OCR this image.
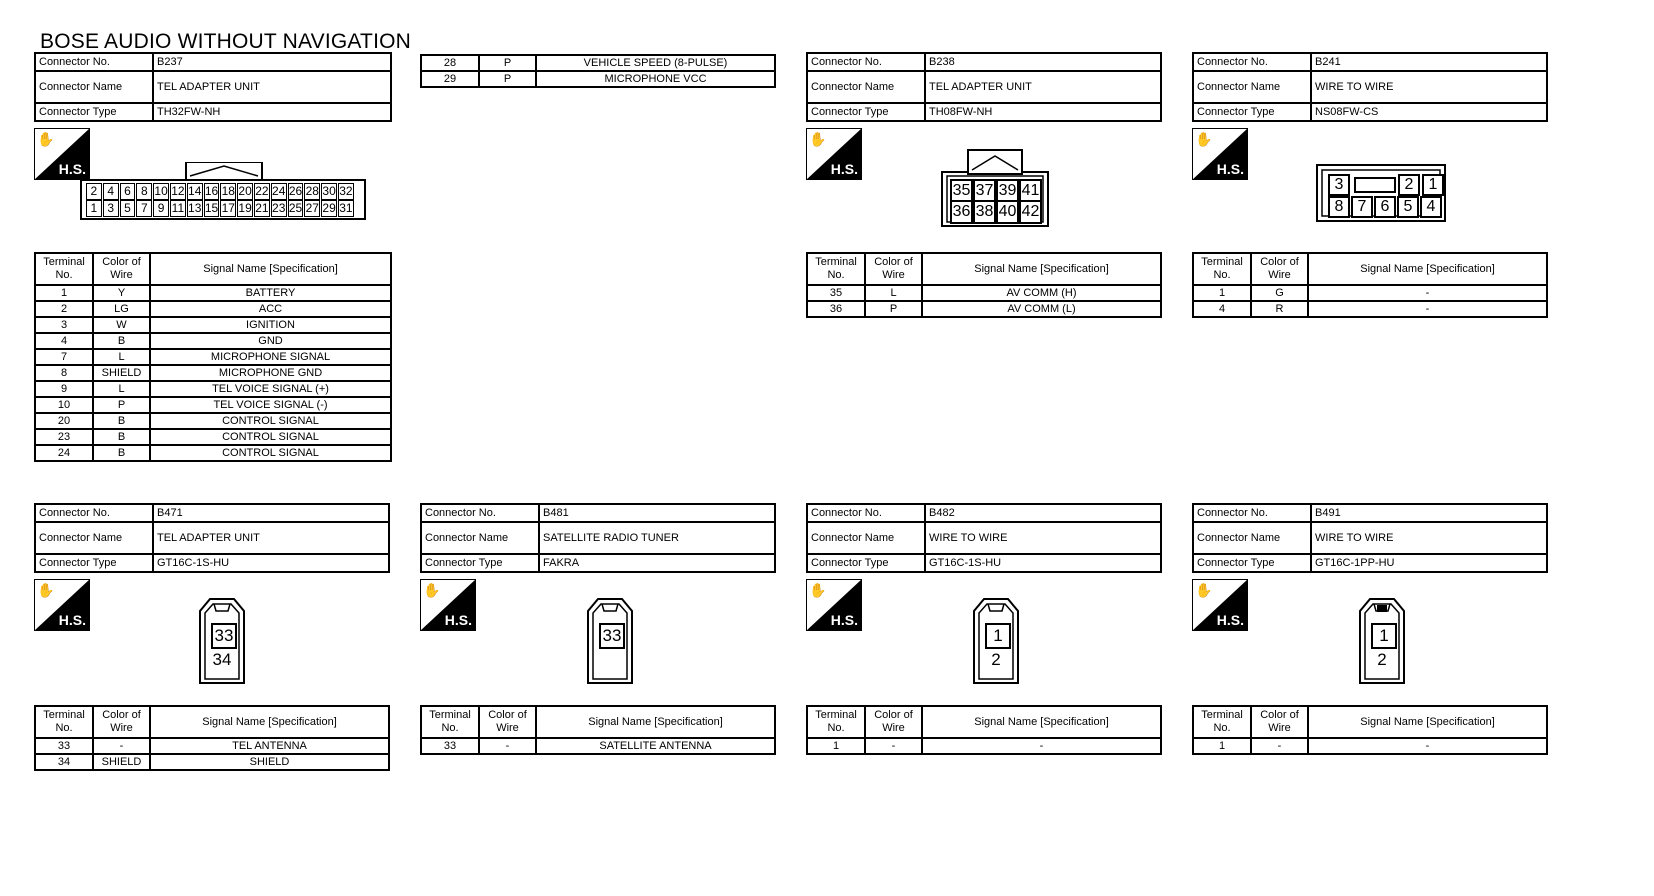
BOSE AUDIO WITHOUT NAVIGATION
28	P	VEHICLE SPEED (8-PULSE)
29	P	MICROPHONE VCC
Connector No.	B237
Connector Name	TEL ADAPTER UNIT
Connector Type	TH32FW-NH
✋
H.S.
2 4 6 8 10 12 14 16 18 20 22 24 26 28 30 32
1 3 5 7 9 11 13 15 17 19 21 23 25 27 29 31
Terminal No.	Color of Wire	Signal Name [Specification]
1	Y	BATTERY
2	LG	ACC
3	W	IGNITION
4	B	GND
7	L	MICROPHONE SIGNAL
8	SHIELD	MICROPHONE GND
9	L	TEL VOICE SIGNAL (+)
10	P	TEL VOICE SIGNAL (-)
20	B	CONTROL SIGNAL
23	B	CONTROL SIGNAL
24	B	CONTROL SIGNAL
Connector No.	B238
Connector Name	TEL ADAPTER UNIT
Connector Type	TH08FW-NH
✋
H.S.
35 37 39 41
36 38 40 42
Terminal No.	Color of Wire	Signal Name [Specification]
35	L	AV COMM (H)
36	P	AV COMM (L)
Connector No.	B241
Connector Name	WIRE TO WIRE
Connector Type	NS08FW-CS
✋
H.S.
3	2 1
8 7 6 5 4
Terminal No.	Color of Wire	Signal Name [Specification]
1	G	-
4	R	-
Connector No.	B471
Connector Name	TEL ADAPTER UNIT
Connector Type	GT16C-1S-HU
✋
H.S.
33
34
Terminal No.	Color of Wire	Signal Name [Specification]
33	-	TEL ANTENNA
34	SHIELD	SHIELD
Connector No.	B481
Connector Name	SATELLITE RADIO TUNER
Connector Type	FAKRA
✋
H.S.
33
Terminal No.	Color of Wire	Signal Name [Specification]
33	-	SATELLITE ANTENNA
Connector No.	B482
Connector Name	WIRE TO WIRE
Connector Type	GT16C-1S-HU
✋
H.S.
1
2
Terminal No.	Color of Wire	Signal Name [Specification]
1	-	-
Connector No.	B491
Connector Name	WIRE TO WIRE
Connector Type	GT16C-1PP-HU
✋
H.S.
1
2
Terminal No.	Color of Wire	Signal Name [Specification]
1	-	-
